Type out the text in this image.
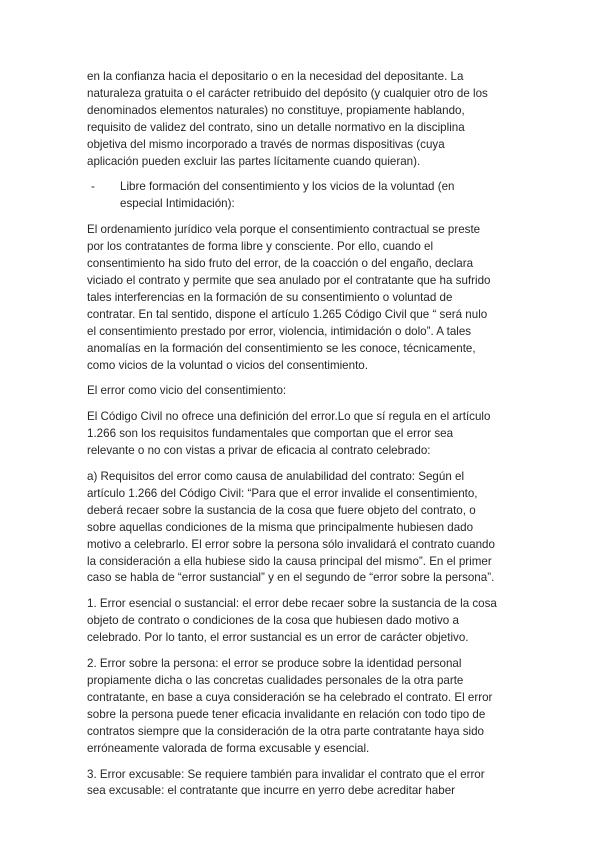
en la confianza hacia el depositario o en la necesidad del depositante. La
naturaleza gratuita o el carácter retribuido del depósito (y cualquier otro de los
denominados elementos naturales) no constituye, propiamente hablando,
requisito de validez del contrato, sino un detalle normativo en la disciplina
objetiva del mismo incorporado a través de normas dispositivas (cuya
aplicación pueden excluir las partes lícitamente cuando quieran).

- Libre formación del consentimiento y los vicios de la voluntad (en
especial Intimidación):

El ordenamiento jurídico vela porque el consentimiento contractual se preste
por los contratantes de forma libre y consciente. Por ello, cuando el
consentimiento ha sido fruto del error, de la coacción o del engaño, declara
viciado el contrato y permite que sea anulado por el contratante que ha sufrido
tales interferencias en la formación de su consentimiento o voluntad de
contratar. En tal sentido, dispone el artículo 1.265 Código Civil que “ será nulo
el consentimiento prestado por error, violencia, intimidación o dolo”. A tales
anomalías en la formación del consentimiento se les conoce, técnicamente,
como vicios de la voluntad o vicios del consentimiento.

El error como vicio del consentimiento:

El Código Civil no ofrece una definición del error.Lo que sí regula en el artículo
1.266 son los requisitos fundamentales que comportan que el error sea
relevante o no con vistas a privar de eficacia al contrato celebrado:

a) Requisitos del error como causa de anulabilidad del contrato: Según el
artículo 1.266 del Código Civil: “Para que el error invalide el consentimiento,
deberá recaer sobre la sustancia de la cosa que fuere objeto del contrato, o
sobre aquellas condiciones de la misma que principalmente hubiesen dado
motivo a celebrarlo. El error sobre la persona sólo invalidará el contrato cuando
la consideración a ella hubiese sido la causa principal del mismo”. En el primer
caso se habla de “error sustancial” y en el segundo de “error sobre la persona”.

1. Error esencial o sustancial: el error debe recaer sobre la sustancia de la cosa
objeto de contrato o condiciones de la cosa que hubiesen dado motivo a
celebrado. Por lo tanto, el error sustancial es un error de carácter objetivo.

2. Error sobre la persona: el error se produce sobre la identidad personal
propiamente dicha o las concretas cualidades personales de la otra parte
contratante, en base a cuya consideración se ha celebrado el contrato. El error
sobre la persona puede tener eficacia invalidante en relación con todo tipo de
contratos siempre que la consideración de la otra parte contratante haya sido
erróneamente valorada de forma excusable y esencial.

3. Error excusable: Se requiere también para invalidar el contrato que el error
sea excusable: el contratante que incurre en yerro debe acreditar haber
